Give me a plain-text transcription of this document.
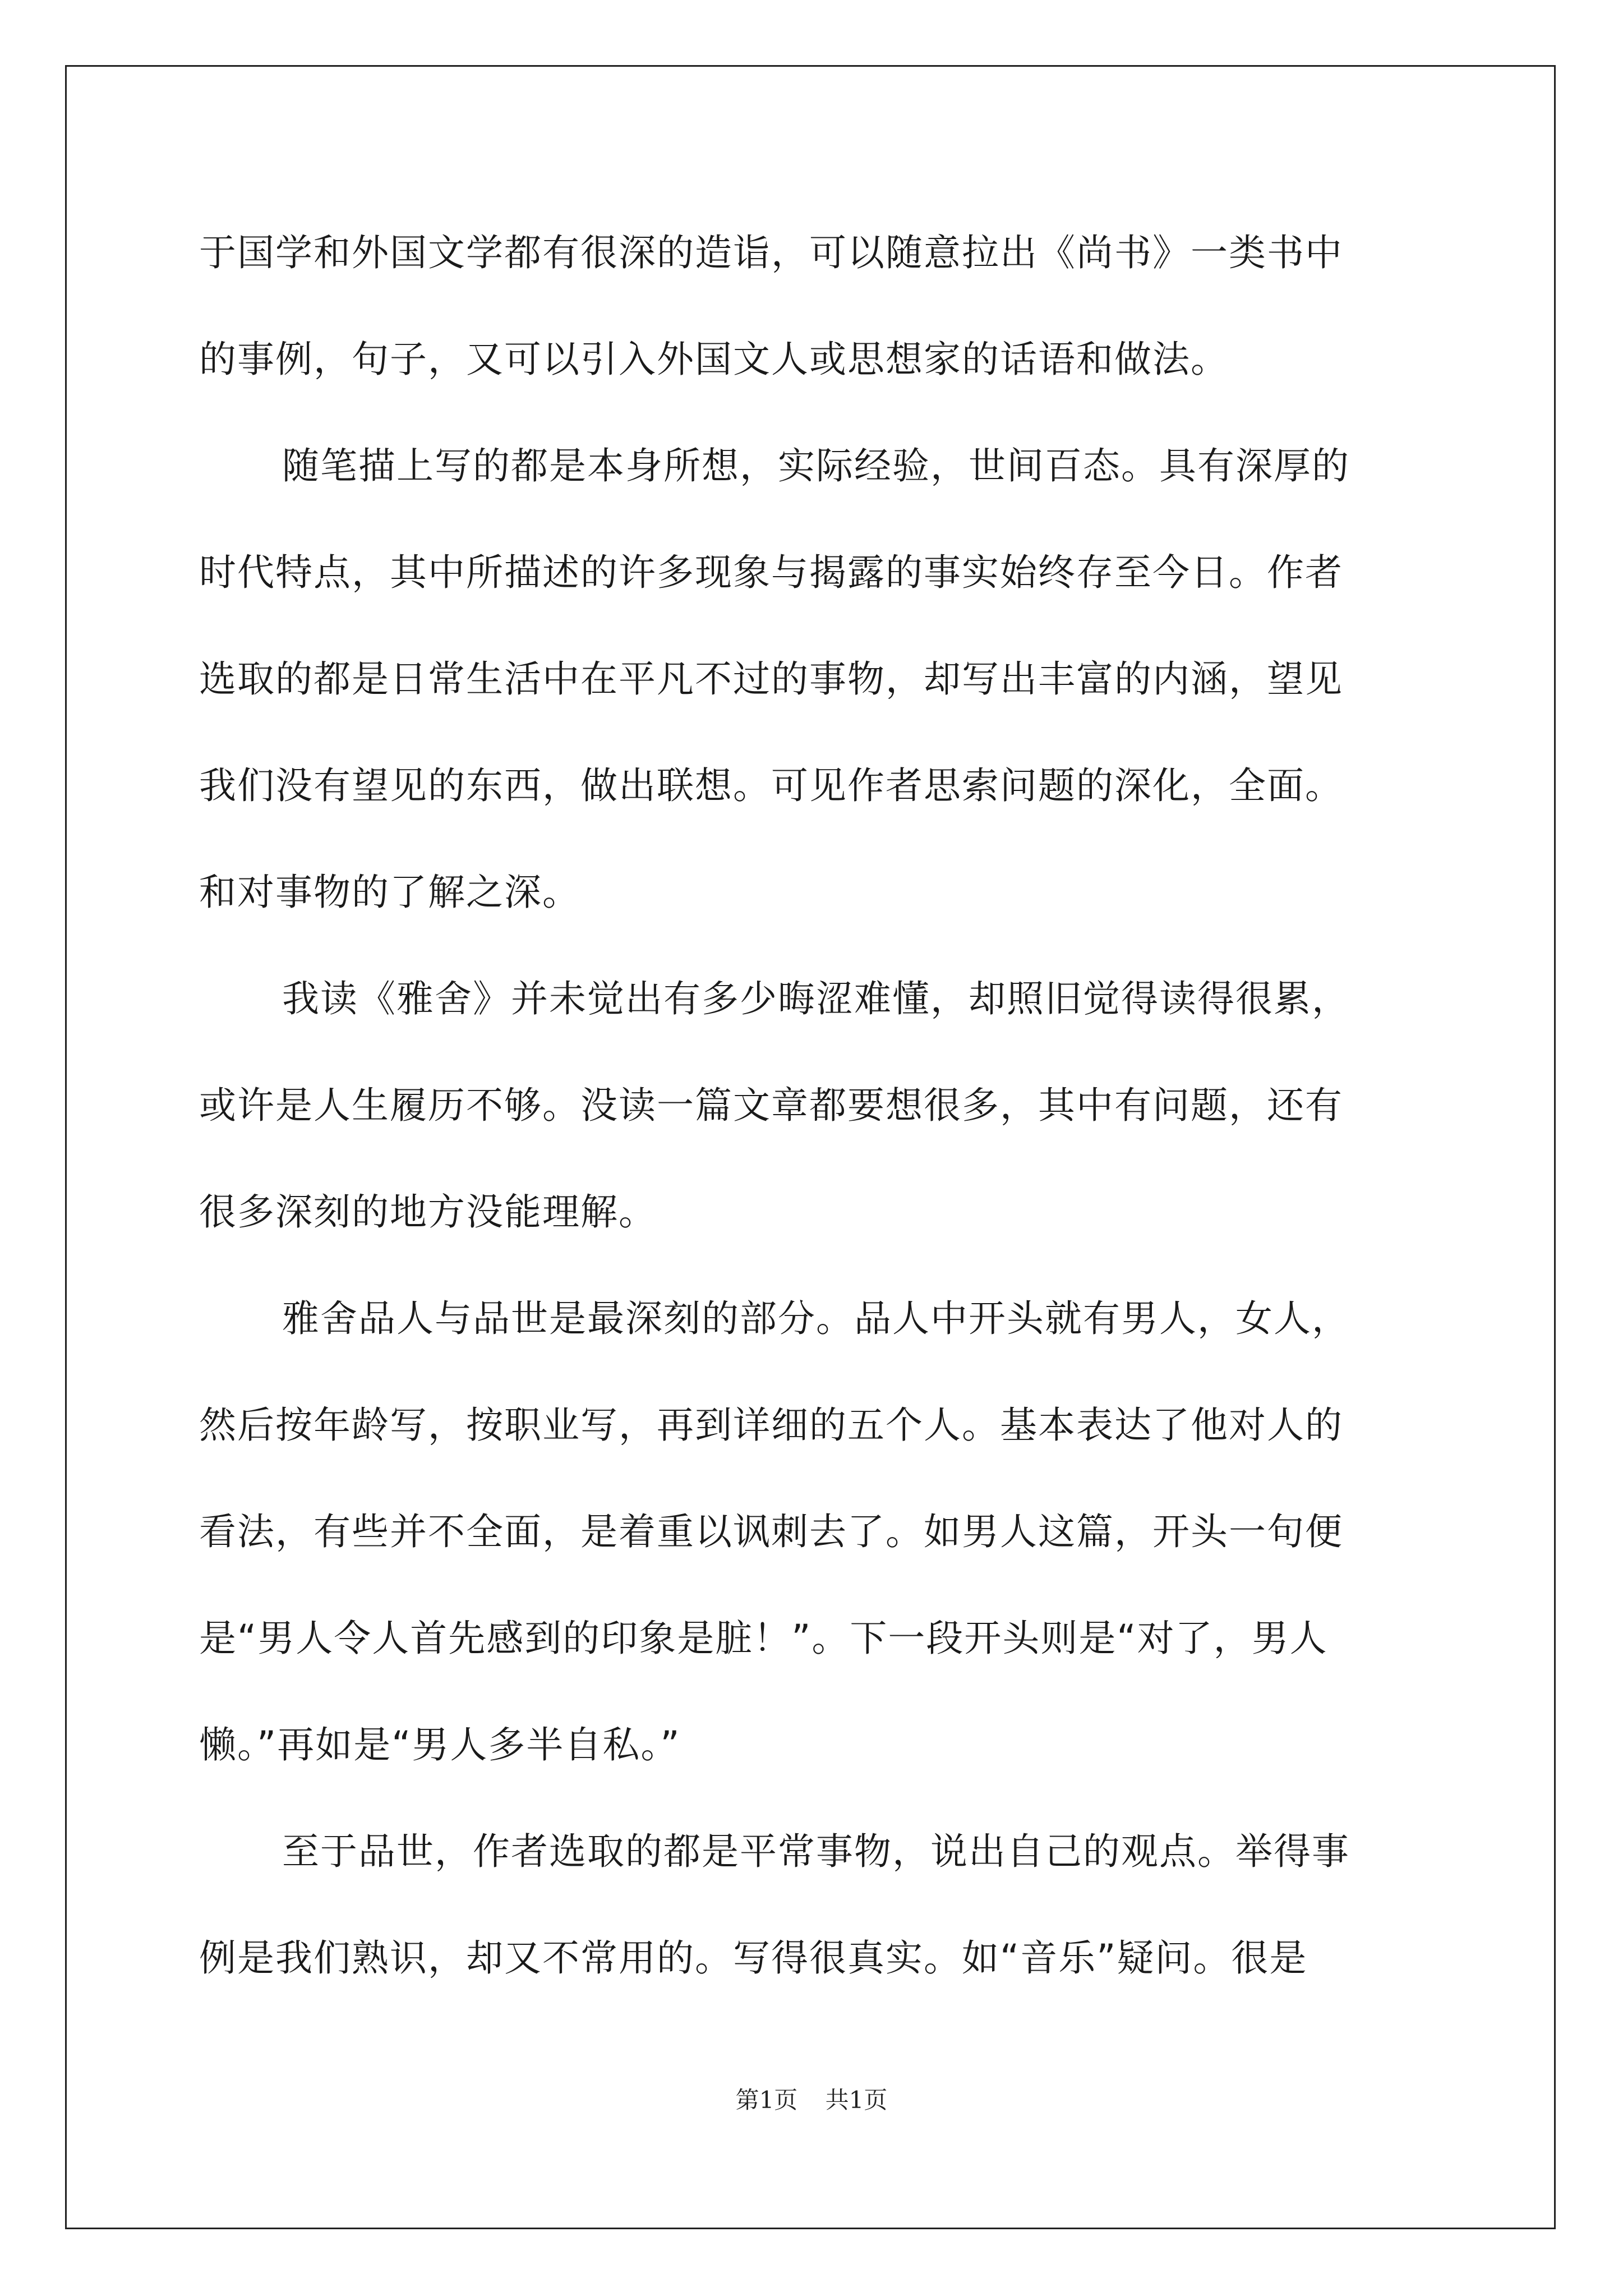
于国学和外国文学都有很深的造诣，可以随意拉出《尚书》一类书中
的事例，句子，又可以引入外国文人或思想家的话语和做法。
随笔描上写的都是本身所想，实际经验，世间百态。具有深厚的
时代特点，其中所描述的许多现象与揭露的事实始终存至今日。作者
选取的都是日常生活中在平凡不过的事物，却写出丰富的内涵，望见
我们没有望见的东西，做出联想。可见作者思索问题的深化，全面。
和对事物的了解之深。
我读《雅舍》并未觉出有多少晦涩难懂，却照旧觉得读得很累，
或许是人生履历不够。没读一篇文章都要想很多，其中有问题，还有
很多深刻的地方没能理解。
雅舍品人与品世是最深刻的部分。品人中开头就有男人，女人，
然后按年龄写，按职业写，再到详细的五个人。基本表达了他对人的
看法，有些并不全面，是着重以讽刺去了。如男人这篇，开头一句便
是“男人令人首先感到的印象是脏！”。下一段开头则是“对了，男人
懒。”再如是“男人多半自私。”
至于品世，作者选取的都是平常事物，说出自己的观点。举得事
例是我们熟识，却又不常用的。写得很真实。如“音乐”疑问。很是
第1页 共1页
